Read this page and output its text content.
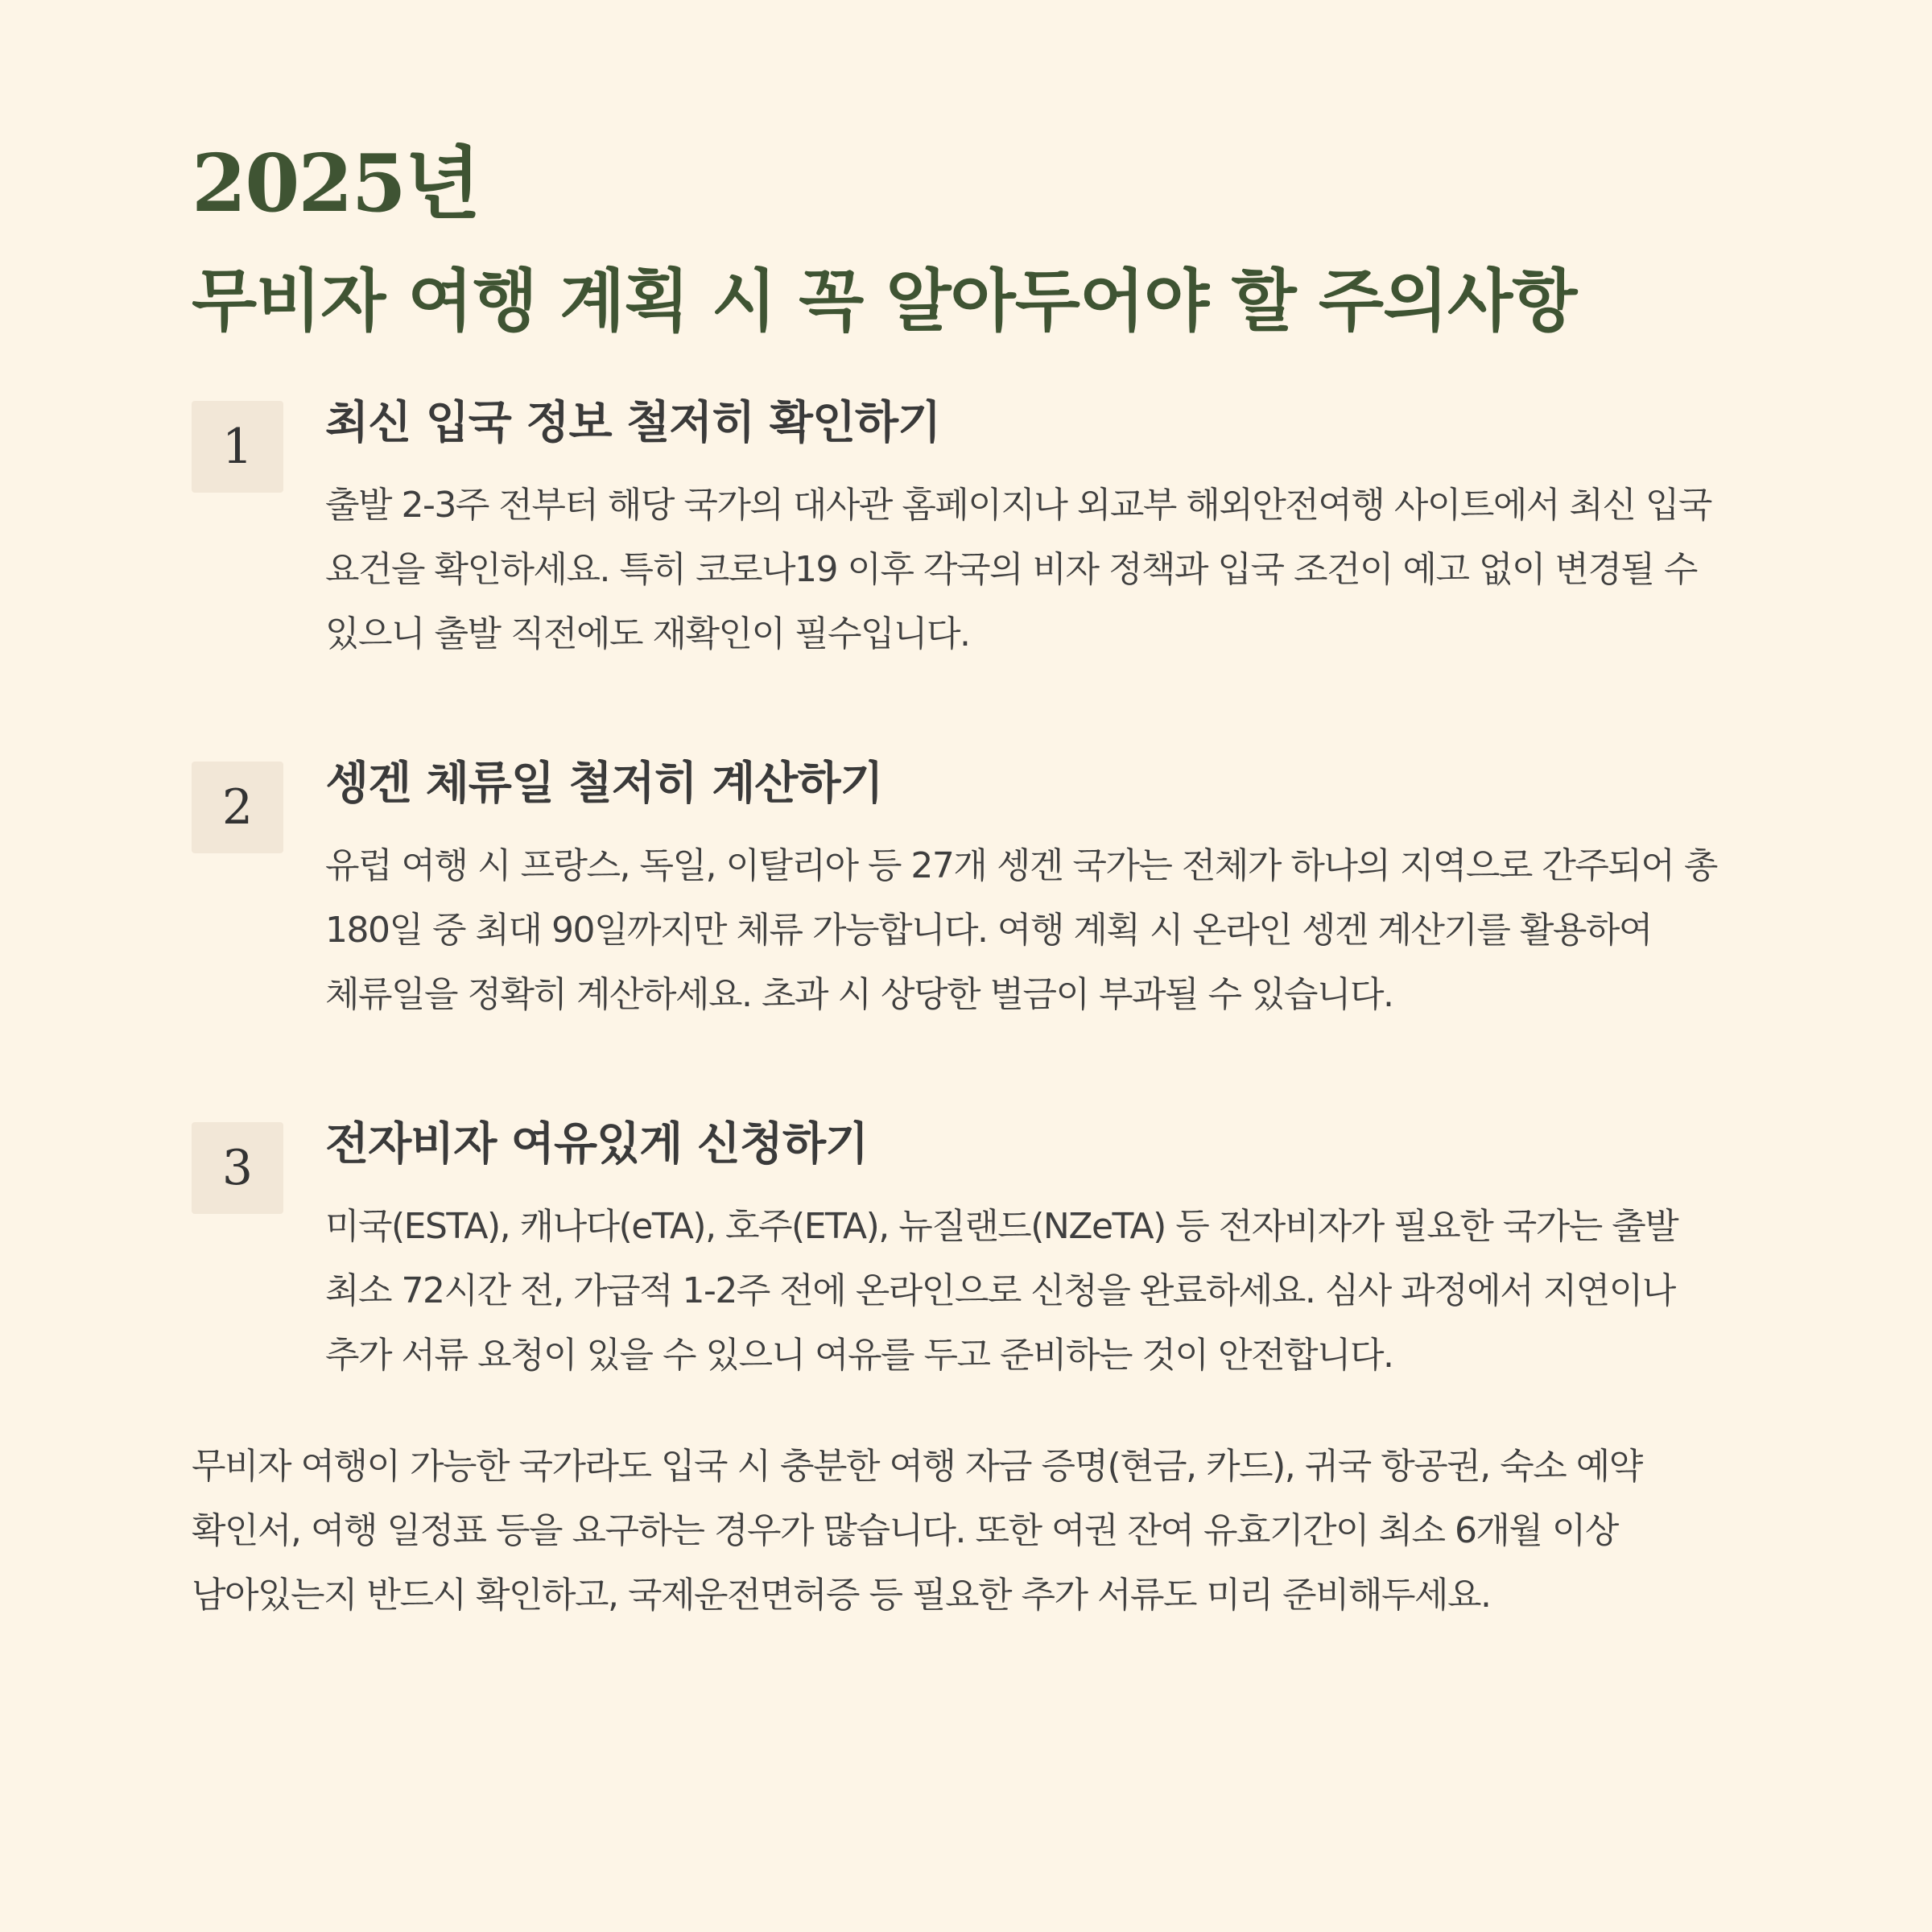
2025년
무비자 여행 계획 시 꼭 알아두어야 할 주의사항
1	최신 입국 정보 철저히 확인하기

출발 2-3주 전부터 해당 국가의 대사관 홈페이지나 외교부 해외안전여행 사이트에서 최신 입국 요건을 확인하세요. 특히 코로나19 이후 각국의 비자 정책과 입국 조건이 예고 없이 변경될 수 있으니 출발 직전에도 재확인이 필수입니다.

2	셍겐 체류일 철저히 계산하기

유럽 여행 시 프랑스, 독일, 이탈리아 등 27개 셍겐 국가는 전체가 하나의 지역으로 간주되어 총 180일 중 최대 90일까지만 체류 가능합니다. 여행 계획 시 온라인 셍겐 계산기를 활용하여 체류일을 정확히 계산하세요. 초과 시 상당한 벌금이 부과될 수 있습니다.

3	전자비자 여유있게 신청하기

미국(ESTA), 캐나다(eTA), 호주(ETA), 뉴질랜드(NZeTA) 등 전자비자가 필요한 국가는 출발 최소 72시간 전, 가급적 1-2주 전에 온라인으로 신청을 완료하세요. 심사 과정에서 지연이나 추가 서류 요청이 있을 수 있으니 여유를 두고 준비하는 것이 안전합니다.

무비자 여행이 가능한 국가라도 입국 시 충분한 여행 자금 증명(현금, 카드), 귀국 항공권, 숙소 예약 확인서, 여행 일정표 등을 요구하는 경우가 많습니다. 또한 여권 잔여 유효기간이 최소 6개월 이상 남아있는지 반드시 확인하고, 국제운전면허증 등 필요한 추가 서류도 미리 준비해두세요.
